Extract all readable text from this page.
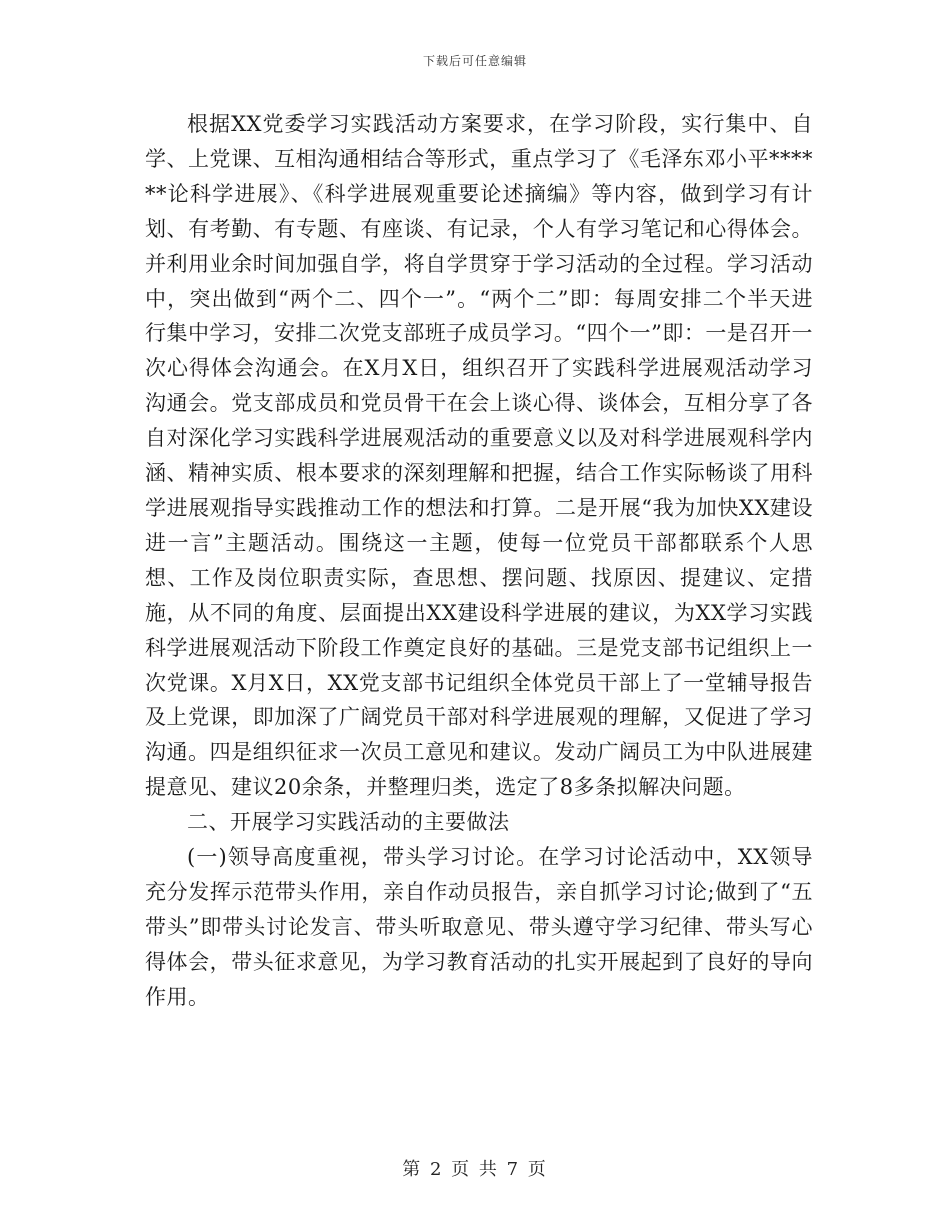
下载后可任意编辑

根据XX党委学习实践活动方案要求，在学习阶段，实行集中、自学、上党课、互相沟通相结合等形式，重点学习了《毛泽东邓小平******论科学进展》、《科学进展观重要论述摘编》等内容，做到学习有计划、有考勤、有专题、有座谈、有记录，个人有学习笔记和心得体会。并利用业余时间加强自学，将自学贯穿于学习活动的全过程。学习活动中，突出做到“两个二、四个一”。“两个二”即：每周安排二个半天进行集中学习，安排二次党支部班子成员学习。“四个一”即：一是召开一次心得体会沟通会。在X月X日，组织召开了实践科学进展观活动学习沟通会。党支部成员和党员骨干在会上谈心得、谈体会，互相分享了各自对深化学习实践科学进展观活动的重要意义以及对科学进展观科学内涵、精神实质、根本要求的深刻理解和把握，结合工作实际畅谈了用科学进展观指导实践推动工作的想法和打算。二是开展“我为加快XX建设进一言”主题活动。围绕这一主题，使每一位党员干部都联系个人思想、工作及岗位职责实际，查思想、摆问题、找原因、提建议、定措施，从不同的角度、层面提出XX建设科学进展的建议，为XX学习实践科学进展观活动下阶段工作奠定良好的基础。三是党支部书记组织上一次党课。X月X日，XX党支部书记组织全体党员干部上了一堂辅导报告及上党课，即加深了广阔党员干部对科学进展观的理解，又促进了学习沟通。四是组织征求一次员工意见和建议。发动广阔员工为中队进展建提意见、建议20余条，并整理归类，选定了8多条拟解决问题。

二、开展学习实践活动的主要做法

(一)领导高度重视，带头学习讨论。在学习讨论活动中，XX领导充分发挥示范带头作用，亲自作动员报告，亲自抓学习讨论;做到了“五带头”即带头讨论发言、带头听取意见、带头遵守学习纪律、带头写心得体会，带头征求意见，为学习教育活动的扎实开展起到了良好的导向作用。

第 2 页 共 7 页
